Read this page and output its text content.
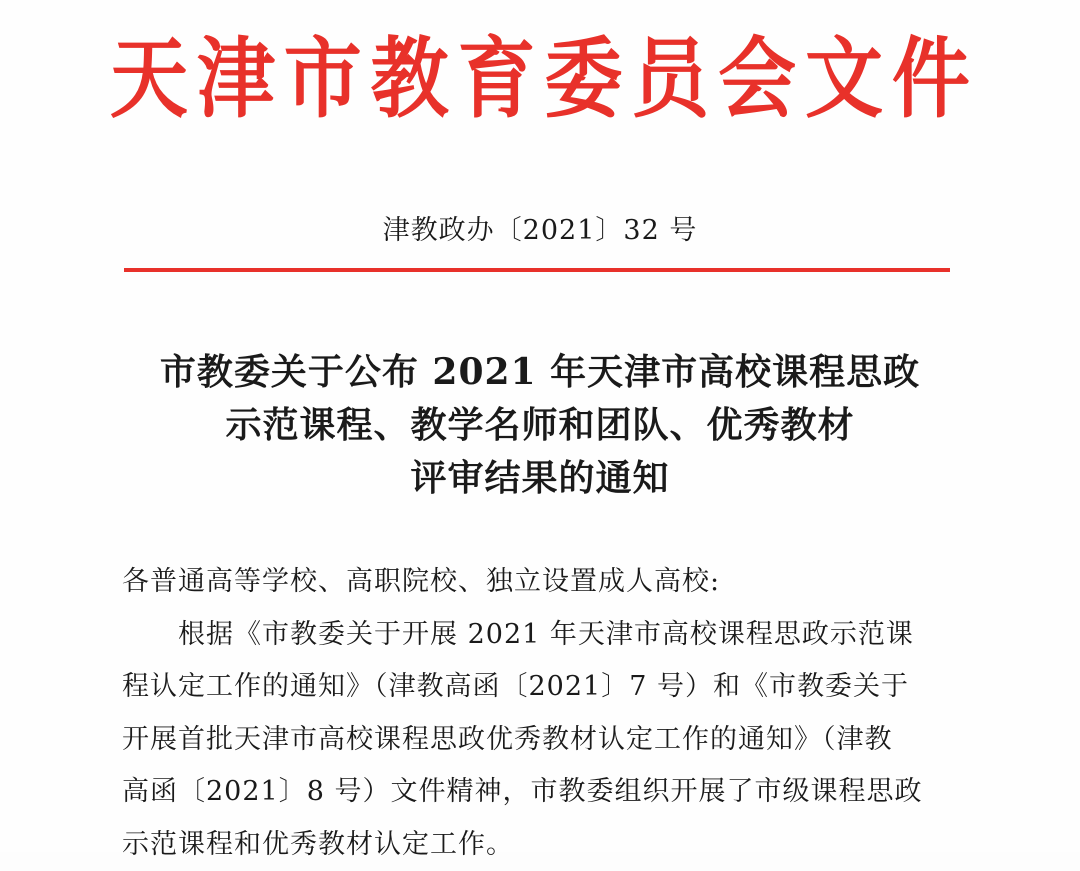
天 津 市 教 育 委 员 会 文 件
津教政办〔2021〕32 号
市教委关于公布 2021 年天津市高校课程思政
示范课程、教学名师和团队、优秀教材
评审结果的通知
各普通高等学校、高职院校、独立设置成人高校:
根据《市教委关于开展 2021 年天津市高校课程思政示范课
程认定工作的通知》（津教高函〔2021〕7 号）和《市教委关于
开展首批天津市高校课程思政优秀教材认定工作的通知》（津教
高函〔2021〕8 号）文件精神，市教委组织开展了市级课程思政
示范课程和优秀教材认定工作。
